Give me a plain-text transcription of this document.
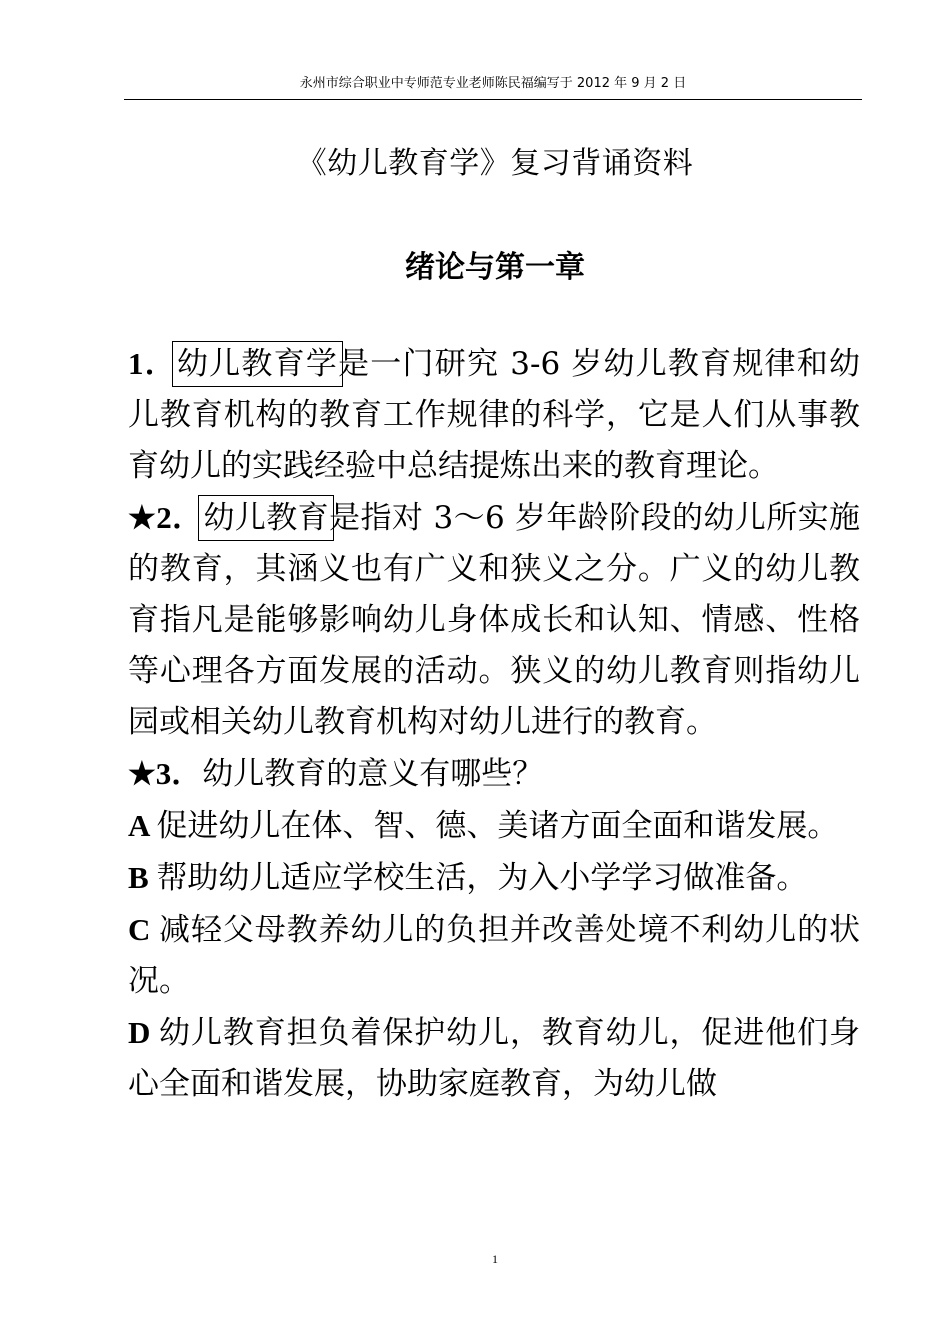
永州市综合职业中专师范专业老师陈民福编写于 2012 年 9 月 2 日
《幼儿教育学》复习背诵资料
绪论与第一章

1．幼儿教育学是一门研究 3-6 岁幼儿教育规律和幼儿教育机构的教育工作规律的科学，它是人们从事教育幼儿的实践经验中总结提炼出来的教育理论。

★2．幼儿教育是指对 3～6 岁年龄阶段的幼儿所实施的教育，其涵义也有广义和狭义之分。广义的幼儿教育指凡是能够影响幼儿身体成长和认知、情感、性格等心理各方面发展的活动。狭义的幼儿教育则指幼儿园或相关幼儿教育机构对幼儿进行的教育。

★3．幼儿教育的意义有哪些？

A 促进幼儿在体、智、德、美诸方面全面和谐发展。

B 帮助幼儿适应学校生活，为入小学学习做准备。

C 减轻父母教养幼儿的负担并改善处境不利幼儿的状况。

D 幼儿教育担负着保护幼儿，教育幼儿，促进他们身心全面和谐发展，协助家庭教育，为幼儿做

1
